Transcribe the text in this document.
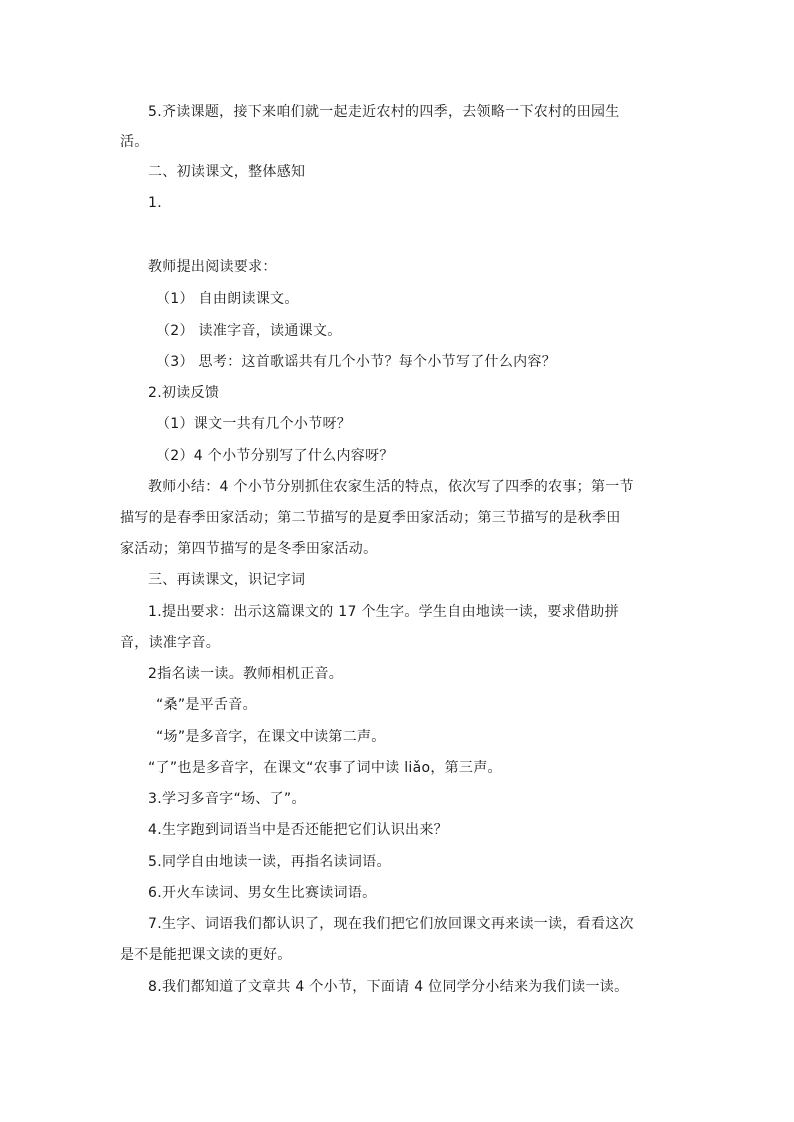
5.齐读课题，接下来咱们就一起走近农村的四季，去领略一下农村的田园生
活。
二、初读课文，整体感知
1.
教师提出阅读要求：
（1） 自由朗读课文。
（2） 读准字音，读通课文。
（3） 思考：这首歌谣共有几个小节？每个小节写了什么内容？
2.初读反馈
（1）课文一共有几个小节呀？
（2）4 个小节分别写了什么内容呀？
教师小结：4 个小节分别抓住农家生活的特点，依次写了四季的农事；第一节
描写的是春季田家活动；第二节描写的是夏季田家活动；第三节描写的是秋季田
家活动；第四节描写的是冬季田家活动。
三、再读课文，识记字词
1.提出要求：出示这篇课文的 17 个生字。学生自由地读一读，要求借助拼
音，读准字音。
2指名读一读。教师相机正音。
“桑”是平舌音。
“场”是多音字，在课文中读第二声。
“了”也是多音字，在课文“农事了词中读 liǎo，第三声。
3.学习多音字“场、了”。
4.生字跑到词语当中是否还能把它们认识出来？
5.同学自由地读一读，再指名读词语。
6.开火车读词、男女生比赛读词语。
7.生字、词语我们都认识了，现在我们把它们放回课文再来读一读，看看这次
是不是能把课文读的更好。
8.我们都知道了文章共 4 个小节，下面请 4 位同学分小结来为我们读一读。
